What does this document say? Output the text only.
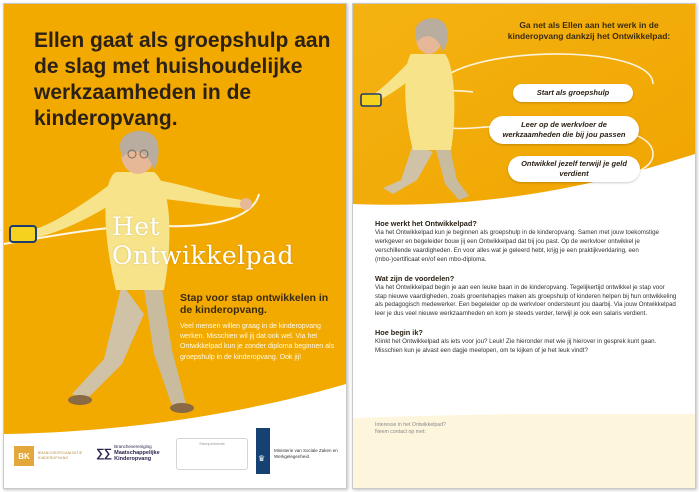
Ellen gaat als groepshulp aan de slag met huishoudelijke werkzaamheden in de kinderopvang.
Het Ontwikkelpad

Stap voor stap ontwikkelen in de kinderopvang.

Veel mensen willen graag in de kinderopvang werken. Misschien wil jij dat ook wel. Via het Ontwikkelpad kun je zonder diploma beginnen als groepshulp in de kinderopvang. Ook jij!

BK	BRANCHEORGANISATIE KINDEROPVANG	∑∑ Branchevereniging
Maatschappelijke
Kinderopvang
Stempelruimte
♛
Ministerie van Sociale Zaken en Werkgelegenheid

Ga net als Ellen aan het werk in de kinderopvang dankzij het Ontwikkelpad:

Start als groepshulp
Leer op de werkvloer de werkzaamheden die bij jou passen
Ontwikkel jezelf terwijl je geld verdient
Hoe werkt het Ontwikkelpad?

Via het Ontwikkelpad kun je beginnen als groepshulp in de kinderopvang. Samen met jouw toekomstige werkgever en begeleider bouw jij een Ontwikkelpad dat bij jou past. Op de werkvloer ontwikkel je verschillende vaardigheden. En voor alles wat je geleerd hebt, krijg je een praktijkverklaring, een (mbo-)certificaat en/of een mbo-diploma.

Wat zijn de voordelen?

Via het Ontwikkelpad begin je aan een leuke baan in de kinderopvang. Tegelijkertijd ontwikkel je stap voor stap nieuwe vaardigheden, zoals groentehapjes maken als groepshulp of kinderen helpen bij hun ontwikkeling als pedagogisch medewerker. Een begeleider op de werkvloer ondersteunt jou daarbij. Via jouw Ontwikkelpad leer je dus veel nieuwe werkzaamheden en kom je steeds verder, terwijl je ook een salaris verdient.

Hoe begin ik?

Klinkt het Ontwikkelpad als iets voor jou? Leuk! Zie hieronder met wie jij hierover in gesprek kunt gaan. Misschien kun je alvast een dagje meelopen, om te kijken of je het leuk vindt?

Interesse in het Ontwikkelpad?
Neem contact op met:
